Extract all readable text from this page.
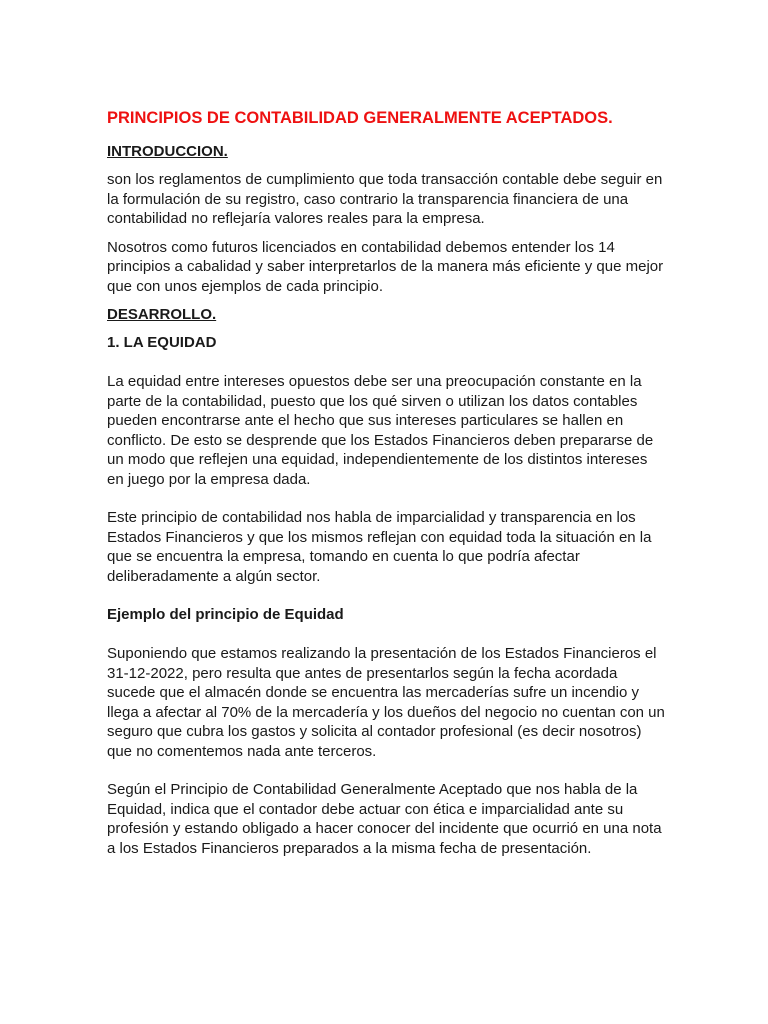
PRINCIPIOS DE CONTABILIDAD GENERALMENTE ACEPTADOS.
INTRODUCCION.

son los reglamentos de cumplimiento que toda transacción contable debe seguir en la formulación de su registro, caso contrario la transparencia financiera de una contabilidad no reflejaría valores reales para la empresa.

Nosotros como futuros licenciados en contabilidad debemos entender los 14 principios a cabalidad y saber interpretarlos de la manera más eficiente y que mejor que con unos ejemplos de cada principio.

DESARROLLO.
1. LA EQUIDAD

La equidad entre intereses opuestos debe ser una preocupación constante en la parte de la contabilidad, puesto que los qué sirven o utilizan los datos contables pueden encontrarse ante el hecho que sus intereses particulares se hallen en conflicto. De esto se desprende que los Estados Financieros deben prepararse de un modo que reflejen una equidad, independientemente de los distintos intereses en juego por la empresa dada.

Este principio de contabilidad nos habla de imparcialidad y transparencia en los Estados Financieros y que los mismos reflejan con equidad toda la situación en la que se encuentra la empresa, tomando en cuenta lo que podría afectar deliberadamente a algún sector.

Ejemplo del principio de Equidad

Suponiendo que estamos realizando la presentación de los Estados Financieros el 31-12-2022, pero resulta que antes de presentarlos según la fecha acordada sucede que el almacén donde se encuentra las mercaderías sufre un incendio y llega a afectar al 70% de la mercadería y los dueños del negocio no cuentan con un seguro que cubra los gastos y solicita al contador profesional (es decir nosotros) que no comentemos nada ante terceros.

Según el Principio de Contabilidad Generalmente Aceptado que nos habla de la Equidad, indica que el contador debe actuar con ética e imparcialidad ante su profesión y estando obligado a hacer conocer del incidente que ocurrió en una nota a los Estados Financieros preparados a la misma fecha de presentación.
